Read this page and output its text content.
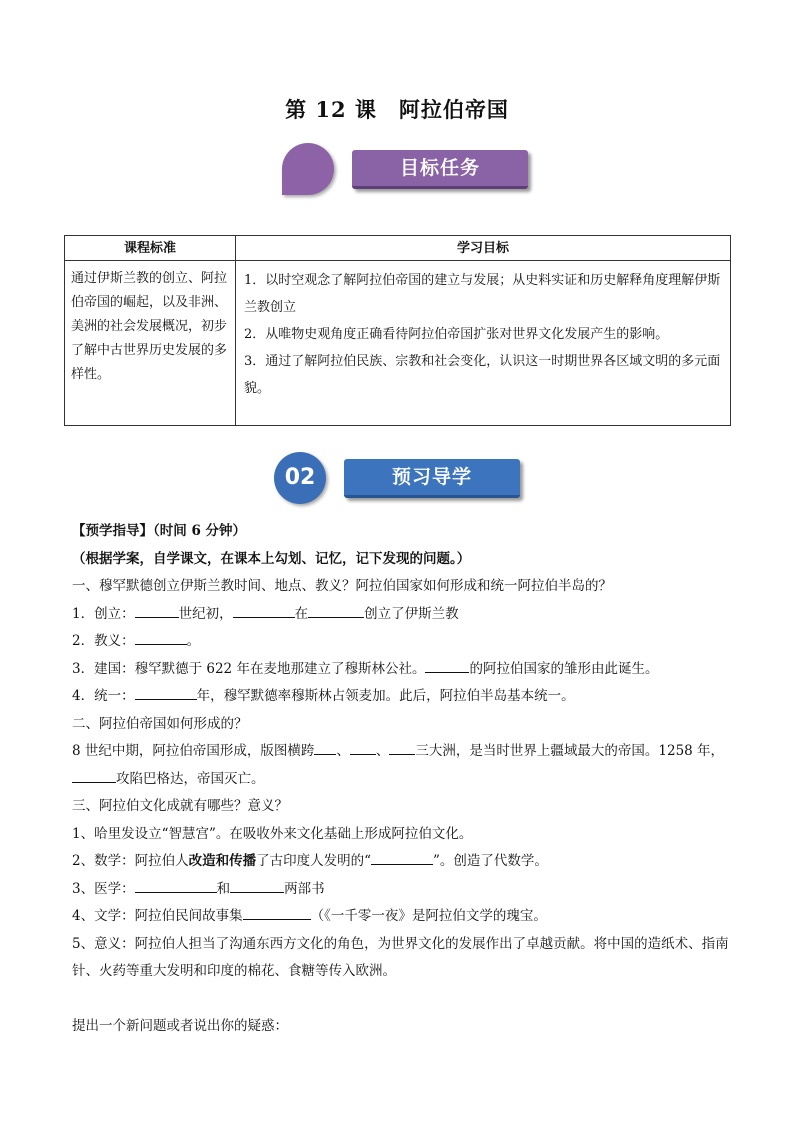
第 12 课 阿拉伯帝国
目标任务
课程标准	学习目标
通过伊斯兰教的创立、阿拉伯帝国的崛起，以及非洲、美洲的社会发展概况，初步了解中古世界历史发展的多样性。	1．以时空观念了解阿拉伯帝国的建立与发展；从史料实证和历史解释角度理解伊斯兰教创立
2．从唯物史观角度正确看待阿拉伯帝国扩张对世界文化发展产生的影响。
3．通过了解阿拉伯民族、宗教和社会变化，认识这一时期世界各区域文明的多元面貌。
02	预习导学
【预学指导】（时间 6 分钟）
（根据学案，自学课文，在课本上勾划、记忆，记下发现的问题。）
一、穆罕默德创立伊斯兰教时间、地点、教义？阿拉伯国家如何形成和统一阿拉伯半岛的？
1．创立：	世纪初，	在	创立了伊斯兰教
2．教义：	。
3．建国：穆罕默德于 622 年在麦地那建立了穆斯林公社。	的阿拉伯国家的雏形由此诞生。
4．统一：	年，穆罕默德率穆斯林占领麦加。此后，阿拉伯半岛基本统一。
二、阿拉伯帝国如何形成的？
8 世纪中期，阿拉伯帝国形成，版图横跨 、 、 三大洲，是当时世界上疆域最大的帝国。1258 年，
攻陷巴格达，帝国灭亡。
三、阿拉伯文化成就有哪些？意义？
1、哈里发设立“智慧宫”。在吸收外来文化基础上形成阿拉伯文化。
2、数学：阿拉伯人改造和传播了古印度人发明的“	”。创造了代数学。
3、医学：	和	两部书
4、文学：阿拉伯民间故事集	（《一千零一夜》是阿拉伯文学的瑰宝。
5、意义：阿拉伯人担当了沟通东西方文化的角色，为世界文化的发展作出了卓越贡献。将中国的造纸术、指南针、火药等重大发明和印度的棉花、食糖等传入欧洲。
提出一个新问题或者说出你的疑惑：
